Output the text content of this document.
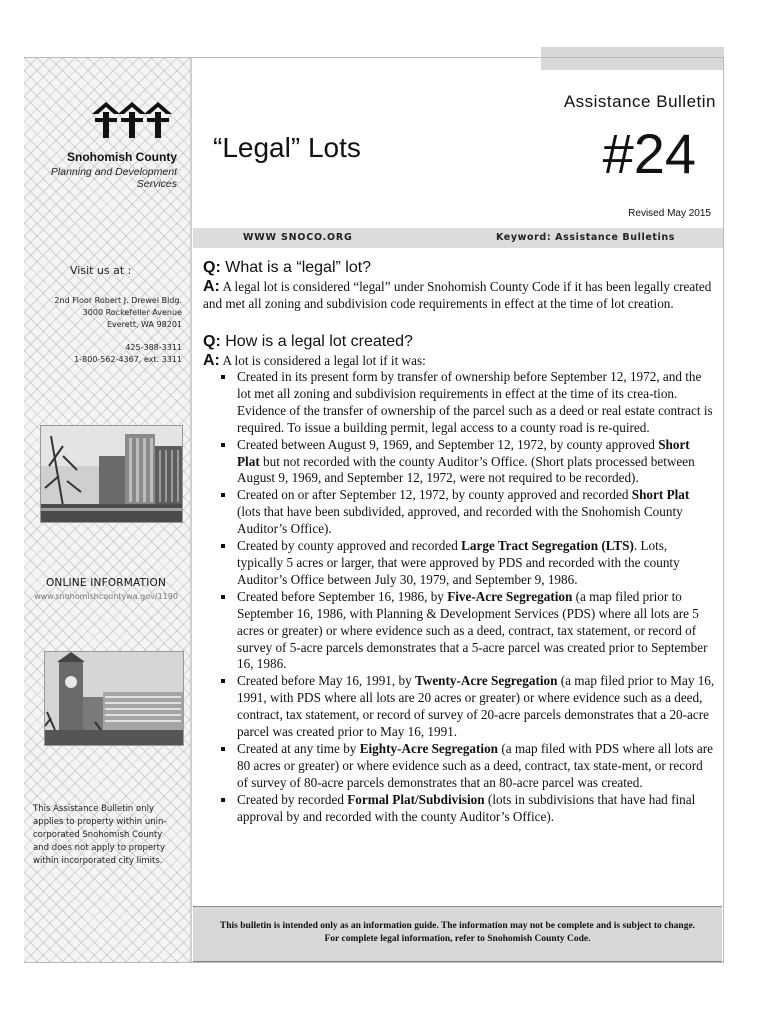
Snohomish County
Planning and Development
Services
Visit us at :
2nd Floor Robert J. Drewel Bldg.
3000 Rockefeller Avenue
Everett, WA 98201
425-388-3311
1-800-562-4367, ext. 3311
ONLINE INFORMATION
www.snohomishcountywa.gov/1190
This Assistance Bulletin only
applies to property within unin-
corporated Snohomish County
and does not apply to property
within incorporated city limits.
Assistance Bulletin
“Legal” Lots	#24
Revised May 2015
WWW SNOCO.ORG	Keyword: Assistance Bulletins
Q: What is a “legal” lot?
A: A legal lot is considered “legal” under Snohomish County Code if it has been legally created and met all zoning and subdivision code requirements in effect at the time of lot creation.
Q: How is a legal lot created?
A: A lot is considered a legal lot if it was:
Created in its present form by transfer of ownership before September 12, 1972, and the lot met all zoning and subdivision requirements in effect at the time of its crea-tion. Evidence of the transfer of ownership of the parcel such as a deed or real estate contract is required. To issue a building permit, legal access to a county road is re-quired.
Created between August 9, 1969, and September 12, 1972, by county approved Short Plat but not recorded with the county Auditor’s Office. (Short plats processed between August 9, 1969, and September 12, 1972, were not required to be recorded).
Created on or after September 12, 1972, by county approved and recorded Short Plat (lots that have been subdivided, approved, and recorded with the Snohomish County Auditor’s Office).
Created by county approved and recorded Large Tract Segregation (LTS). Lots, typically 5 acres or larger, that were approved by PDS and recorded with the county Auditor’s Office between July 30, 1979, and September 9, 1986.
Created before September 16, 1986, by Five-Acre Segregation (a map filed prior to September 16, 1986, with Planning & Development Services (PDS) where all lots are 5 acres or greater) or where evidence such as a deed, contract, tax statement, or record of survey of 5-acre parcels demonstrates that a 5-acre parcel was created prior to September 16, 1986.
Created before May 16, 1991, by Twenty-Acre Segregation (a map filed prior to May 16, 1991, with PDS where all lots are 20 acres or greater) or where evidence such as a deed, contract, tax statement, or record of survey of 20-acre parcels demonstrates that a 20-acre parcel was created prior to May 16, 1991.
Created at any time by Eighty-Acre Segregation (a map filed with PDS where all lots are 80 acres or greater) or where evidence such as a deed, contract, tax state-ment, or record of survey of 80-acre parcels demonstrates that an 80-acre parcel was created.
Created by recorded Formal Plat/Subdivision (lots in subdivisions that have had final approval by and recorded with the county Auditor’s Office).
This bulletin is intended only as an information guide. The information may not be complete and is subject to change.
For complete legal information, refer to Snohomish County Code.
